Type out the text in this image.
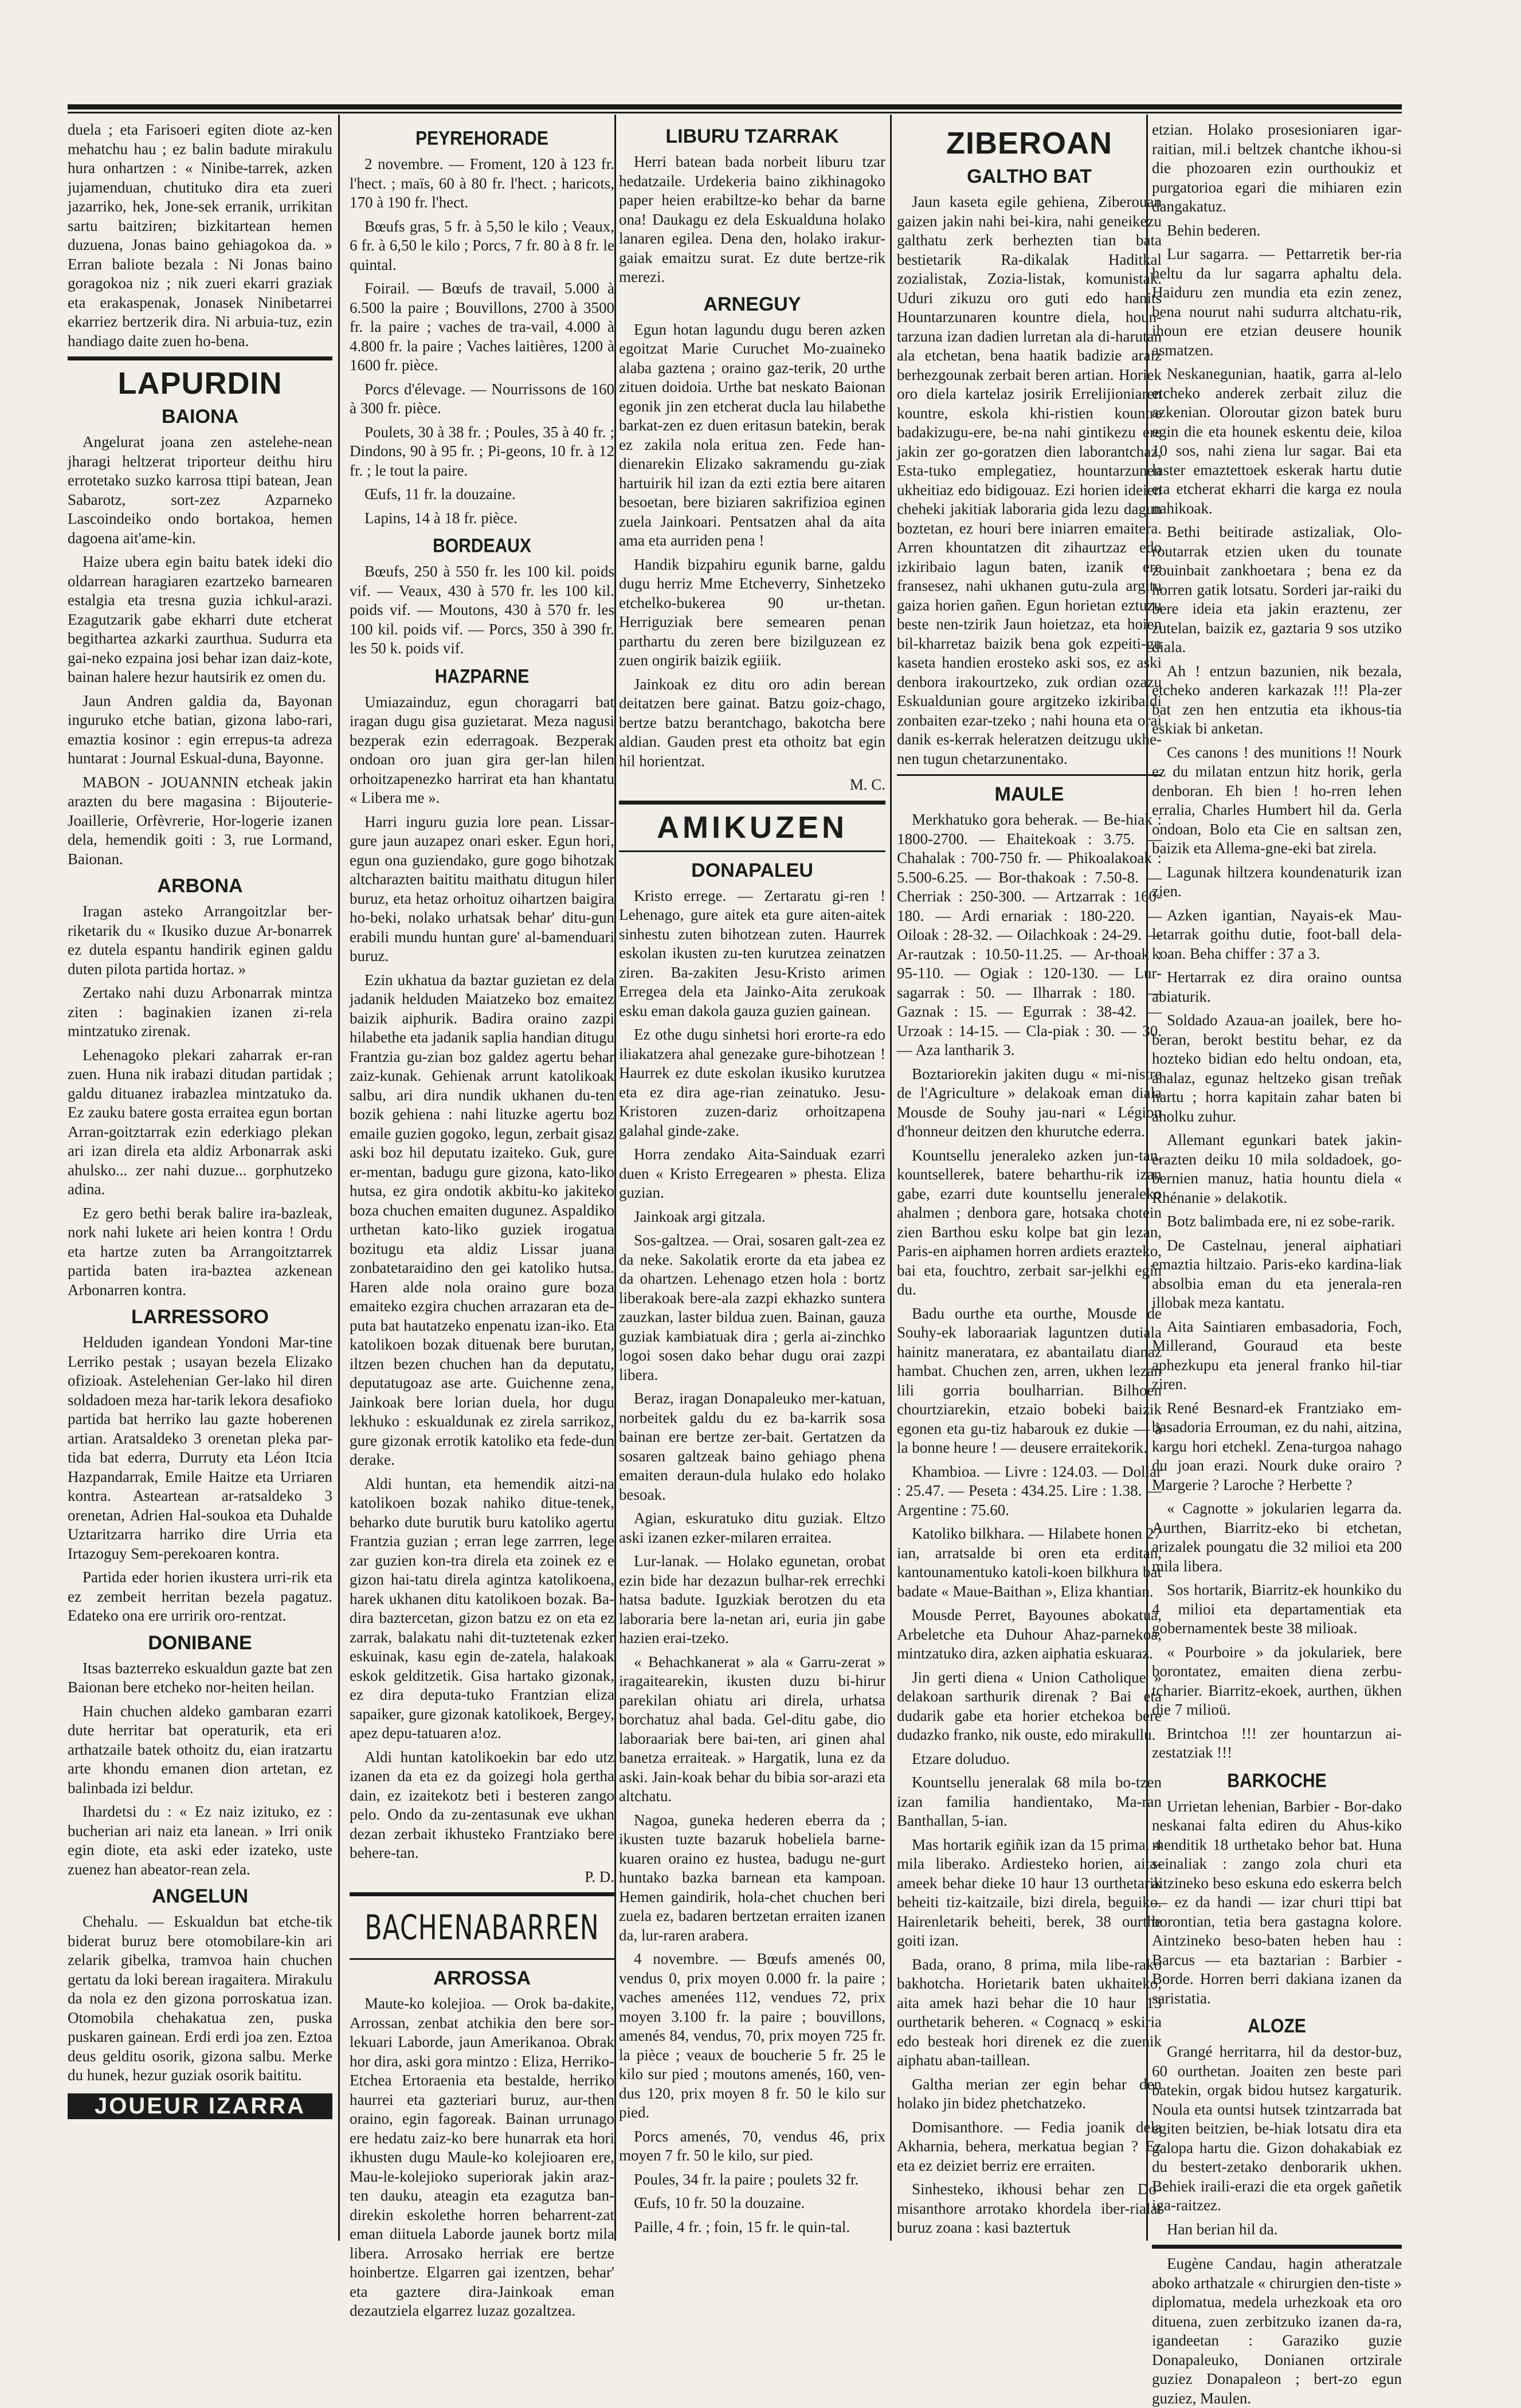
duela ; eta Farisoeri egiten diote az-ken mehatchu hau ; ez balin badute mirakulu hura onhartzen : « Ninibe-tarrek, azken jujamenduan, chutituko dira eta zueri jazarriko, hek, Jone-sek erranik, urrikitan sartu baitziren; bizkitartean hemen duzuena, Jonas baino gehiagokoa da. » Erran baliote bezala : Ni Jonas baino goragokoa niz ; nik zueri ekarri graziak eta erakaspenak, Jonasek Ninibetarrei ekarriez bertzerik dira. Ni arbuia-tuz, ezin handiago daite zuen ho-bena.

LAPURDIN
BAIONA

Angelurat joana zen astelehe-nean jharagi heltzerat triporteur deithu hiru errotetako suzko karrosa ttipi batean, Jean Sabarotz, sort-zez Azparneko Lascoindeiko ondo bortakoa, hemen dagoena ait'ame-kin.

Haize ubera egin baitu batek ideki dio oldarrean haragiaren ezartzeko barnearen estalgia eta tresna guzia ichkul-arazi. Ezagutzarik gabe ekharri dute etcherat begithartea azkarki zaurthua. Sudurra eta gai-neko ezpaina josi behar izan daiz-kote, bainan halere hezur hautsirik ez omen du.

Jaun Andren galdia da, Bayonan inguruko etche batian, gizona labo-rari, emaztia kosinor : egin errepus-ta adreza huntarat : Journal Eskual-duna, Bayonne.

MABON - JOUANNIN etcheak jakin arazten du bere magasina : Bijouterie-Joaillerie, Orfèvrerie, Hor-logerie izanen dela, hemendik goiti : 3, rue Lormand, Baionan.

ARBONA

Iragan asteko Arrangoitzlar ber-riketarik du « Ikusiko duzue Ar-bonarrek ez dutela espantu handirik eginen galdu duten pilota partida hortaz. »

Zertako nahi duzu Arbonarrak mintza ziten : baginakien izanen zi-rela mintzatuko zirenak.

Lehenagoko plekari zaharrak er-ran zuen. Huna nik irabazi ditudan partidak ; galdu dituanez irabazlea mintzatuko da. Ez zauku batere gosta erraitea egun bortan Arran-goitztarrak ezin ederkiago plekan ari izan direla eta aldiz Arbonarrak aski ahulsko... zer nahi duzue... gorphutzeko adina.

Ez gero bethi berak balire ira-bazleak, nork nahi lukete ari heien kontra ! Ordu eta hartze zuten ba Arrangoitztarrek partida baten ira-baztea azkenean Arbonarren kontra.

LARRESSORO

Helduden igandean Yondoni Mar-tine Lerriko pestak ; usayan bezela Elizako ofizioak. Astelehenian Ger-lako hil diren soldadoen meza har-tarik lekora desafioko partida bat herriko lau gazte hoberenen artian. Aratsaldeko 3 orenetan pleka par-tida bat ederra, Durruty eta Léon Itcia Hazpandarrak, Emile Haitze eta Urriaren kontra. Asteartean ar-ratsaldeko 3 orenetan, Adrien Hal-soukoa eta Duhalde Uztaritzarra harriko dire Urria eta Irtazoguy Sem-perekoaren kontra.

Partida eder horien ikustera urri-rik eta ez zembeit herritan bezela pagatuz. Edateko ona ere urririk oro-rentzat.

DONIBANE

Itsas bazterreko eskualdun gazte bat zen Baionan bere etcheko nor-heiten heilan.

Hain chuchen aldeko gambaran ezarri dute herritar bat operaturik, eta eri arthatzaile batek othoitz du, eian iratzartu arte khondu emanen dion artetan, ez balinbada izi beldur.

Ihardetsi du : « Ez naiz izituko, ez : bucherian ari naiz eta lanean. » Irri onik egin diote, eta aski eder izateko, uste zuenez han abeator-rean zela.

ANGELUN

Chehalu. — Eskualdun bat etche-tik biderat buruz bere otomobilare-kin ari zelarik gibelka, tramvoa hain chuchen gertatu da loki berean iragaitera. Mirakulu da nola ez den gizona porroskatua izan. Otomobila chehakatua zen, puska puskaren gainean. Erdi erdi joa zen. Eztoa deus gelditu osorik, gizona salbu. Merke du hunek, hezur guziak osorik baititu.

JOUEUR IZARRA
PEYREHORADE

2 novembre. — Froment, 120 à 123 fr. l'hect. ; maïs, 60 à 80 fr. l'hect. ; haricots, 170 à 190 fr. l'hect.

Bœufs gras, 5 fr. à 5,50 le kilo ; Veaux, 6 fr. à 6,50 le kilo ; Porcs, 7 fr. 80 à 8 fr. le quintal.

Foirail. — Bœufs de travail, 5.000 à 6.500 la paire ; Bouvillons, 2700 à 3500 fr. la paire ; vaches de tra-vail, 4.000 à 4.800 fr. la paire ; Vaches laitières, 1200 à 1600 fr. pièce.

Porcs d'élevage. — Nourrissons de 160 à 300 fr. pièce.

Poulets, 30 à 38 fr. ; Poules, 35 à 40 fr. ; Dindons, 90 à 95 fr. ; Pi-geons, 10 fr. à 12 fr. ; le tout la paire.

Œufs, 11 fr. la douzaine.

Lapins, 14 à 18 fr. pièce.

BORDEAUX

Bœufs, 250 à 550 fr. les 100 kil. poids vif. — Veaux, 430 à 570 fr. les 100 kil. poids vif. — Moutons, 430 à 570 fr. les 100 kil. poids vif. — Porcs, 350 à 390 fr. les 50 k. poids vif.

HAZPARNE

Umiazainduz, egun choragarri bat iragan dugu gisa guzietarat. Meza nagusi bezperak ezin ederragoak. Bezperak ondoan oro juan gira ger-lan hilen orhoitzapenezko harrirat eta han khantatu « Libera me ».

Harri inguru guzia lore pean. Lissar-gure jaun auzapez onari esker. Egun hori, egun ona guziendako, gure gogo bihotzak altcharazten baititu maithatu ditugun hiler buruz, eta hetaz orhoituz oihartzen baigira ho-beki, nolako urhatsak behar' ditu-gun erabili mundu huntan gure' al-bamenduari buruz.

Ezin ukhatua da baztar guzietan ez dela jadanik helduden Maiatzeko boz emaitez baizik aiphurik. Badira oraino zazpi hilabethe eta jadanik saplia handian ditugu Frantzia gu-zian boz galdez agertu behar zaiz-kunak. Gehienak arrunt katolikoak salbu, ari dira nundik ukhanen du-ten bozik gehiena : nahi lituzke agertu boz emaile guzien gogoko, legun, zerbait gisaz aski boz hil deputatu izaiteko. Guk, gure er-mentan, badugu gure gizona, kato-liko hutsa, ez gira ondotik akbitu-ko jakiteko boza chuchen emaiten dugunez. Aspaldiko urthetan kato-liko guziek irogatua bozitugu eta aldiz Lissar juana zonbatetaraidino den gei katoliko hutsa. Haren alde nola oraino gure boza emaiteko ezgira chuchen arrazaran eta de-puta bat hautatzeko enpenatu izan-iko. Eta katolikoen bozak dituenak bere burutan, iltzen bezen chuchen han da deputatu, deputatugoaz ase arte. Guichenne zena, Jainkoak bere lorian duela, hor dugu lekhuko : eskualdunak ez zirela sarrikoz, gure gizonak errotik katoliko eta fede-dun derake.

Aldi huntan, eta hemendik aitzi-na katolikoen bozak nahiko ditue-tenek, beharko dute burutik buru katoliko agertu Frantzia guzian ; erran lege zarrren, lege zar guzien kon-tra direla eta zoinek ez e gizon hai-tatu direla agintza katolikoena, harek ukhanen ditu katolikoen bozak. Ba-dira baztercetan, gizon batzu ez on eta ez zarrak, balakatu nahi dit-tuztetenak ezker eskuinak, kasu egin de-zatela, halakoak eskok gelditzetik. Gisa hartako gizonak, ez dira deputa-tuko Frantzian eliza sapaiker, gure gizonak katolikoek, Bergey, apez depu-tatuaren a!oz.

Aldi huntan katolikoekin bar edo utz izanen da eta ez da goizegi hola gertha dain, ez izaitekotz beti i besteren zango pelo. Ondo da zu-zentasunak eve ukhan dezan zerbait ikhusteko Frantziako bere behere-tan.

P. D.

BACHENABARREN
ARROSSA

Maute-ko kolejioa. — Orok ba-dakite, Arrossan, zenbat atchikia den bere sor-lekuari Laborde, jaun Amerikanoa. Obrak hor dira, aski gora mintzo : Eliza, Herriko-Etchea Ertoraenia eta bestalde, herriko haurrei eta gazteriari buruz, aur-then oraino, egin fagoreak. Bainan urrunago ere hedatu zaiz-ko bere hunarrak eta hori ikhusten dugu Maule-ko kolejioaren ere, Mau-le-kolejioko superiorak jakin araz-ten dauku, ateagin eta ezagutza ban-direkin eskolethe horren beharrent-zat eman diituela Laborde jaunek bortz mila libera. Arrosako herriak ere bertze hoinbertze. Elgarren gai izentzen, behar' eta gaztere dira-Jainkoak eman dezautziela elgarrez luzaz gozaltzea.

LIBURU TZARRAK

Herri batean bada norbeit liburu tzar hedatzaile. Urdekeria baino zikhinagoko paper heien erabiltze-ko behar da barne ona! Daukagu ez dela Eskualduna holako lanaren egilea. Dena den, holako irakur-gaiak emaitzu surat. Ez dute bertze-rik merezi.

ARNEGUY

Egun hotan lagundu dugu beren azken egoitzat Marie Curuchet Mo-zuaineko alaba gaztena ; oraino gaz-terik, 20 urthe zituen doidoia. Urthe bat neskato Baionan egonik jin zen etcherat ducla lau hilabethe barkat-zen ez duen eritasun batekin, berak ez zakila nola eritua zen. Fede han-dienarekin Elizako sakramendu gu-ziak hartuirik hil izan da ezti eztia bere aitaren besoetan, bere biziaren sakrifizioa eginen zuela Jainkoari. Pentsatzen ahal da aita ama eta aurriden pena !

Handik bizpahiru egunik barne, galdu dugu herriz Mme Etcheverry, Sinhetzeko etchelko-bukerea 90 ur-thetan. Herriguziak bere semearen penan parthartu du zeren bere bizilguzean ez zuen ongirik baizik egiiik.

Jainkoak ez ditu oro adin berean deitatzen bere gainat. Batzu goiz-chago, bertze batzu berantchago, bakotcha bere aldian. Gauden prest eta othoitz bat egin hil horientzat.

M. C.

AMIKUZEN
DONAPALEU

Kristo errege. — Zertaratu gi-ren ! Lehenago, gure aitek eta gure aiten-aitek sinhestu zuten bihotzean zuten. Haurrek eskolan ikusten zu-ten kurutzea zeinatzen ziren. Ba-zakiten Jesu-Kristo arimen Erregea dela eta Jainko-Aita zerukoak esku eman dakola gauza guzien gainean.

Ez othe dugu sinhetsi hori erorte-ra edo iliakatzera ahal genezake gure-bihotzean ! Haurrek ez dute eskolan ikusiko kurutzea eta ez dira age-rian zeinatuko. Jesu-Kristoren zuzen-dariz orhoitzapena galahal ginde-zake.

Horra zendako Aita-Sainduak ezarri duen « Kristo Erregearen » phesta. Eliza guzian.

Jainkoak argi gitzala.

Sos-galtzea. — Orai, sosaren galt-zea ez da neke. Sakolatik erorte da eta jabea ez da ohartzen. Lehenago etzen hola : bortz liberakoak bere-ala zazpi ekhazko suntera zauzkan, laster bildua zuen. Bainan, gauza guziak kambiatuak dira ; gerla ai-zinchko logoi sosen dako behar dugu orai zazpi libera.

Beraz, iragan Donapaleuko mer-katuan, norbeitek galdu du ez ba-karrik sosa bainan ere bertze zer-bait. Gertatzen da sosaren galtzeak baino gehiago phena emaiten deraun-dula hulako edo holako besoak.

Agian, eskuratuko ditu guziak. Eltzo aski izanen ezker-milaren erraitea.

Lur-lanak. — Holako egunetan, orobat ezin bide har dezazun bulhar-rek errechki hatsa badute. Iguzkiak berotzen du eta laboraria bere la-netan ari, euria jin gabe hazien erai-tzeko.

« Behachkanerat » ala « Garru-zerat » iragaitearekin, ikusten duzu bi-hirur parekilan ohiatu ari direla, urhatsa borchatuz ahal bada. Gel-ditu gabe, dio laboraariak bere bai-ten, ari ginen ahal banetza erraiteak. » Hargatik, luna ez da aski. Jain-koak behar du bibia sor-arazi eta altchatu.

Nagoa, guneka hederen eberra da ; ikusten tuzte bazaruk hobeliela barne-kuaren oraino ez hustea, badugu ne-gurt huntako bazka barnean eta kampoan. Hemen gaindirik, hola-chet chuchen beri zuela ez, badaren bertzetan erraiten izanen da, lur-raren arabera.

4 novembre. — Bœufs amenés 00, vendus 0, prix moyen 0.000 fr. la paire ; vaches amenées 112, vendues 72, prix moyen 3.100 fr. la paire ; bouvillons, amenés 84, vendus, 70, prix moyen 725 fr. la pièce ; veaux de boucherie 5 fr. 25 le kilo sur pied ; moutons amenés, 160, ven-dus 120, prix moyen 8 fr. 50 le kilo sur pied.

Porcs amenés, 70, vendus 46, prix moyen 7 fr. 50 le kilo, sur pied.

Poules, 34 fr. la paire ; poulets 32 fr.

Œufs, 10 fr. 50 la douzaine.

Paille, 4 fr. ; foin, 15 fr. le quin-tal.

ZIBEROAN
GALTHO BAT

Jaun kaseta egile gehiena, Ziberouan gaizen jakin nahi bei-kira, nahi geneikezu galthatu zerk berhezten tian bata bestietarik Ra-dikalak Haditkal zozialistak, Zozia-listak, komunistak. Uduri zikuzu oro guti edo hanits Hountarzunaren kountre diela, houn-tarzuna izan dadien lurretan ala di-harutan ala etchetan, bena haatik badizie araiz berhezgounak zerbait beren artian. Horiek oro diela kartelaz josirik Errelijioniaren kountre, eskola khi-ristien kountre badakizugu-ere, be-na nahi gintikezu ere jakin zer go-goratzen dien laborantchaz, Esta-tuko emplegatiez, hountarzunen ukheitiaz edo bidigouaz. Ezi horien ideien cheheki jakitiak laboraria gida lezu dagun boztetan, ez houri bere iniarren emaitera. Arren khountatzen dit zihaurtzaz edo izkiribaio lagun baten, izanik ere fransesez, nahi ukhanen gutu-zula argitu gaiza horien gañen. Egun horietan eztuzu beste nen-tzirik Jaun hoietzaz, eta hoien bil-kharretaz baizik bena gok ezpeiti-gu kaseta handien erosteko aski sos, ez aski denbora irakourtzeko, zuk ordian ozazu Eskualdunian goure argitzeko izkiribaldi zonbaiten ezar-tzeko ; nahi houna eta orai danik es-kerrak heleratzen deitzugu ukhe-nen tugun chetarzunentako.

MAULE

Merkhatuko gora beherak. — Be-hiak : 1800-2700. — Ehaitekoak : 3.75. — Chahalak : 700-750 fr. — Phikoalakoak : 5.500-6.25. — Bor-thakoak : 7.50-8. — Cherriak : 250-300. — Artzarrak : 160-180. — Ardi ernariak : 180-220. — Oiloak : 28-32. — Oilachkoak : 24-29. — Ar-rautzak : 10.50-11.25. — Ar-thoak : 95-110. — Ogiak : 120-130. — Lur-sagarrak : 50. — Ilharrak : 180. — Gaznak : 15. — Egurrak : 38-42. — Urzoak : 14-15. — Cla-piak : 30. — 30. — Aza lantharik 3.

Boztariorekin jakiten dugu « mi-nistre de l'Agriculture » delakoak eman diala Mousde de Souhy jau-nari « Légion d'honneur deitzen den khurutche ederra.

Kountsellu jeneraleko azken jun-tan, kountsellerek, batere beharthu-rik izan gabe, ezarri dute kountsellu jeneraleko ahalmen ; denbora gare, hotsaka chotein zien Barthou esku kolpe bat gin lezan, Paris-en aiphamen horren ardiets erazteko, bai eta, fouchtro, zerbait sar-jelkhi egin du.

Badu ourthe eta ourthe, Mousde de Souhy-ek laboraariak laguntzen dutiala hainitz maneratara, ez abantailatu dianaz hambat. Chuchen zen, arren, ukhen lezan lili gorria boulharrian. Bilhoen chourtziarekin, etzaio bobeki baizik egonen eta gu-tiz habarouk ez dukie — à la bonne heure ! — deusere erraitekorik.

Khambioa. — Livre : 124.03. — Dollar : 25.47. — Peseta : 434.25. Lire : 1.38. — Argentine : 75.60.

Katoliko bilkhara. — Hilabete honen 27 ian, arratsalde bi oren eta erditan, kantounamentuko katoli-koen bilkhura bat badate « Maue-Baithan », Eliza khantian.

Mousde Perret, Bayounes abokatua, Arbeletche eta Duhour Ahaz-parnekoa, mintzatuko dira, azken aiphatia eskuaraz.

Jin gerti diena « Union Catholique » delakoan sarthurik direnak ? Bai eta dudarik gabe eta horier etchekoa bere dudazko franko, nik ouste, edo mirakullu.

Etzare doluduo.

Kountsellu jeneralak 68 mila bo-tzen izan familia handientako, Ma-ran Banthallan, 5-ian.

Mas hortarik egiñik izan da 15 prima, 4 mila liberako. Ardiesteko horien, aita-ameek behar dieke 10 haur 13 ourthetarik beheiti tiz-kaitzaile, bizi direla, beguiko. Hairenletarik beheiti, berek, 38 ourthe goiti izan.

Bada, orano, 8 prima, mila libe-rako bakhotcha. Horietarik baten ukhaiteko, aita amek hazi behar die 10 haur 13 ourthetarik beheren. « Cognacq » eskiria edo besteak hori direnek ez die zuenik aiphatu aban-taillean.

Galtha merian zer egin behar den holako jin bidez phetchatzeko.

Domisanthore. — Fedia joanik dela Akharnia, behera, merkatua begian ? Ez eta ez deiziet berriz ere erraiten.

Sinhesteko, ikhousi behar zen Do-misanthore arrotako khordela iber-rialat buruz zoana : kasi baztertuk

etzian. Holako prosesioniaren igar-raitian, mil.i beltzek chantche ikhou-si die phozoaren ezin ourthoukiz et purgatorioa egari die mihiaren ezin dangakatuz.

Behin bederen.

Lur sagarra. — Pettarretik ber-ria heltu da lur sagarra aphaltu dela. Haiduru zen mundia eta ezin zenez, bena nourut nahi sudurra altchatu-rik, ihoun ere etzian deusere hounik asmatzen.

Neskanegunian, haatik, garra al-lelo etcheko anderek zerbait ziluz die azkenian. Oloroutar gizon batek buru egin die eta hounek eskentu deie, kiloa 10 sos, nahi ziena lur sagar. Bai eta laster emaztettoek eskerak hartu dutie eta etcherat ekharri die karga ez noula nahikoak.

Bethi beitirade astizaliak, Olo-routarrak etzien uken du tounate zouinbait zankhoetara ; bena ez da horren gatik lotsatu. Sorderi jar-raiki du bere ideia eta jakin eraztenu, zer zutelan, baizik ez, gaztaria 9 sos utziko diala.

Ah ! entzun bazunien, nik bezala, etcheko anderen karkazak !!! Pla-zer bat zen hen entzutia eta ikhous-tia eskiak bi anketan.

Ces canons ! des munitions !! Nourk ez du milatan entzun hitz horik, gerla denboran. Eh bien ! ho-rren lehen erralia, Charles Humbert hil da. Gerla ondoan, Bolo eta Cie en saltsan zen, baizik eta Allema-gne-eki bat zirela.

Lagunak hiltzera koundenaturik izan zien.

Azken igantian, Nayais-ek Mau-letarrak goithu dutie, foot-ball dela-koan. Beha chiffer : 37 a 3.

Hertarrak ez dira oraino ountsa abiaturik.

Soldado Azaua-an joailek, bere ho-beran, berokt bestitu behar, ez da hozteko bidian edo heltu ondoan, eta, ahalaz, egunaz heltzeko gisan treñak hartu ; horra kapitain zahar baten bi aholku zuhur.

Allemant egunkari batek jakin-erazten deiku 10 mila soldadoek, go-bernien manuz, hatia hountu diela « Rhénanie » delakotik.

Botz balimbada ere, ni ez sobe-rarik.

De Castelnau, jeneral aiphatiari emaztia hiltzaio. Paris-eko kardina-liak absolbia eman du eta jenerala-ren illobak meza kantatu.

Aita Saintiaren embasadoria, Foch, Millerand, Gouraud eta beste aphezkupu eta jeneral franko hil-tiar ziren.

René Besnard-ek Frantziako em-basadoria Errouman, ez du nahi, aitzina, kargu hori etchekl. Zena-turgoa nahago du joan erazi. Nourk duke orairo ? Margerie ? Laroche ? Herbette ?

« Cagnotte » jokularien legarra da. Aurthen, Biarritz-eko bi etchetan, arizalek poungatu die 32 milioi eta 200 mila libera.

Sos hortarik, Biarritz-ek hounkiko du 4 milioi eta departamentiak eta gobernamentek beste 38 milioak.

« Pourboire » da jokulariek, bere borontatez, emaiten diena zerbu-tcharier. Biarritz-ekoek, aurthen, ükhen die 7 milioü.

Brintchoa !!! zer hountarzun ai-zestatziak !!!

BARKOCHE

Urrietan lehenian, Barbier - Bor-dako neskanai falta ediren du Ahus-kiko menditik 18 urthetako behor bat. Huna seinaliak : zango zola churi eta aitzineko beso eskuna edo eskerra belch — ez da handi — izar churi ttipi bat borontian, tetia bera gastagna kolore. Aintzineko beso-baten heben hau : Barcus — eta baztarian : Barbier - Borde. Horren berri dakiana izanen da saristatia.

ALOZE

Grangé herritarra, hil da destor-buz, 60 ourthetan. Joaiten zen beste pari batekin, orgak bidou hutsez kargaturik. Noula eta ountsi hutsek tzintzarrada bat egiten beitzien, be-hiak lotsatu dira eta galopa hartu die. Gizon dohakabiak ez du bestert-zetako denborarik ukhen. Behiek iraili-erazi die eta orgek gañetik iga-raitzez.

Han berian hil da.

Eugène Candau, hagin atheratzale aboko arthatzale « chirurgien den-tiste » diplomatua, medela urhezkoak eta oro dituena, zuen zerbitzuko izanen da-ra, igandeetan : Garaziko guzie Donapaleuko, Donianen ortzirale guziez Donapaleon ; bert-zo egun guziez, Maulen.
